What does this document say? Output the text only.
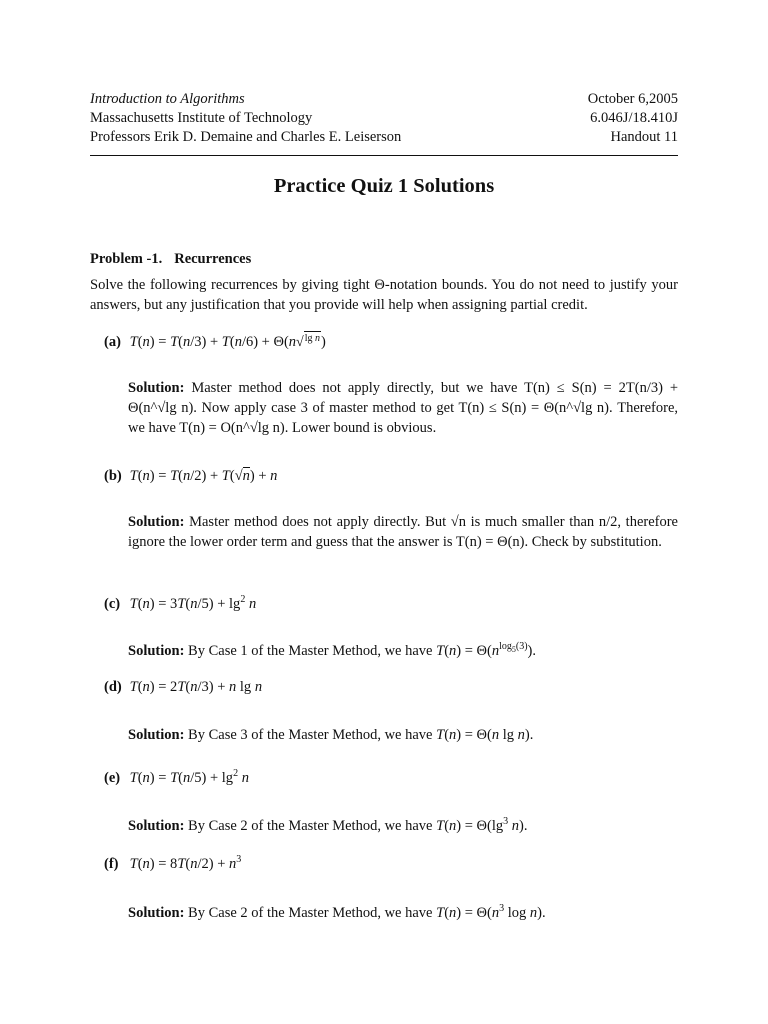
Introduction to Algorithms	October 6,2005
Massachusetts Institute of Technology	6.046J/18.410J
Professors Erik D. Demaine and Charles E. Leiserson	Handout 11
Practice Quiz 1 Solutions
Problem -1. Recurrences
Solve the following recurrences by giving tight Θ-notation bounds. You do not need to justify your answers, but any justification that you provide will help when assigning partial credit.
(a) T(n) = T(n/3) + T(n/6) + Θ(n√lg n)
Solution: Master method does not apply directly, but we have T(n) ≤ S(n) = 2T(n/3) + Θ(n^√lg n). Now apply case 3 of master method to get T(n) ≤ S(n) = Θ(n^√lg n). Therefore, we have T(n) = O(n^√lg n). Lower bound is obvious.
(b) T(n) = T(n/2) + T(√n) + n
Solution: Master method does not apply directly. But √n is much smaller than n/2, therefore ignore the lower order term and guess that the answer is T(n) = Θ(n). Check by substitution.
(c) $T(n) = 3T(n/5) + \lg^2 n$
Solution: By Case 1 of the Master Method, we have $T(n) = \Theta(n^{log_5(3)})$.
(d) T(n) = 2T(n/3) + n lg n
Solution: By Case 3 of the Master Method, we have T(n) = Θ(n lg n).
(e) $T(n) = T(n/5) + \lg^2 n$
Solution: By Case 2 of the Master Method, we have $T(n) = \Theta(\lg^3$ n).
(f) $T(n) = 8T(n/2) + n^3$
Solution: By Case 2 of the Master Method, we have $T(n) = \Theta(n^3$ log n).
